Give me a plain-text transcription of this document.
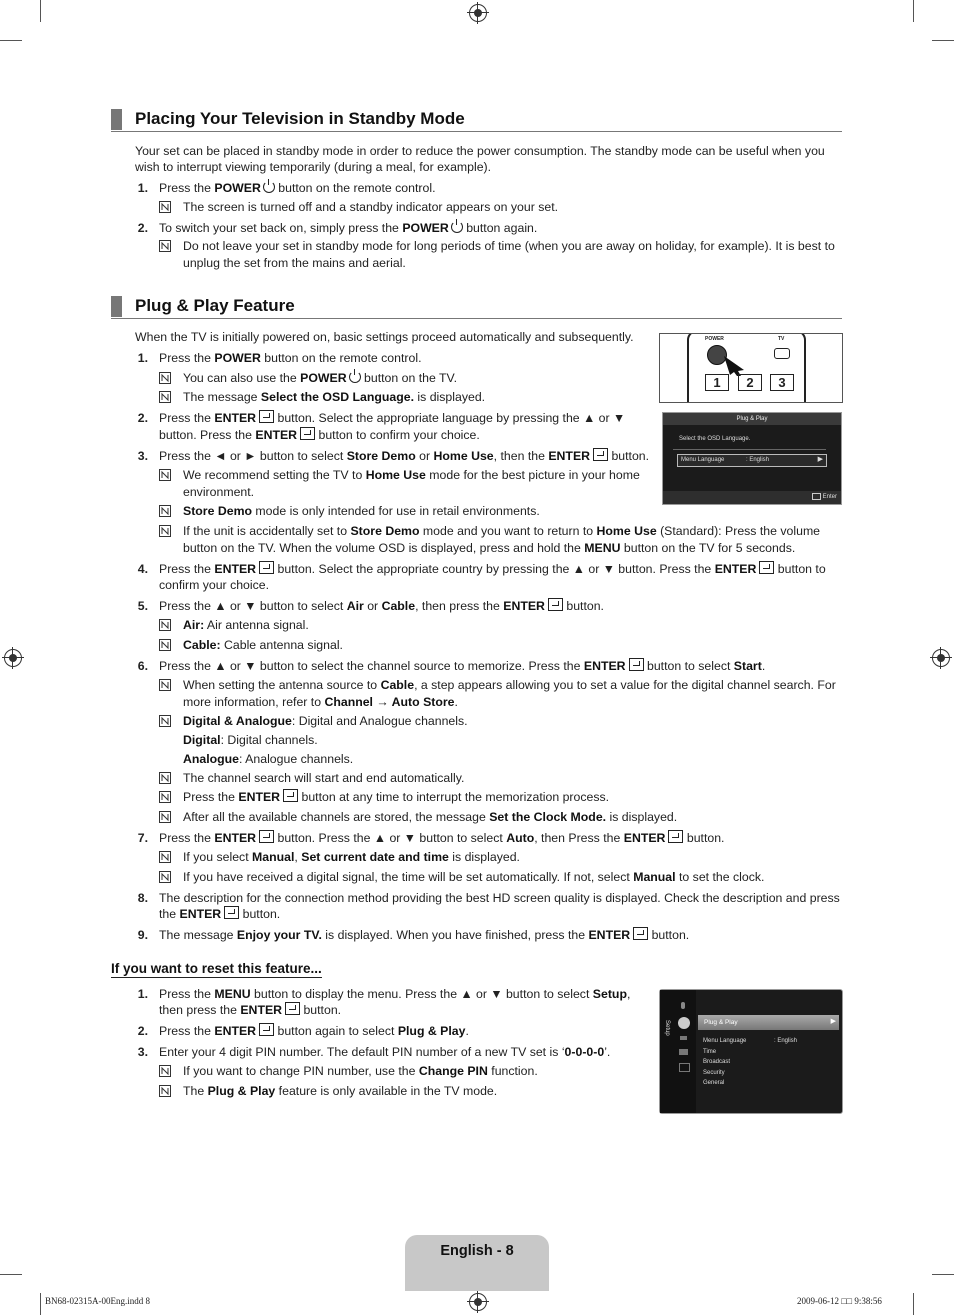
Placing Your Television in Standby Mode
Your set can be placed in standby mode in order to reduce the power consumption. The standby mode can be useful when you
wish to interrupt viewing temporarily (during a meal, for example).
1. Press the POWER button on the remote control.
The screen is turned off and a standby indicator appears on your set.
2. To switch your set back on, simply press the POWER button again.
Do not leave your set in standby mode for long periods of time (when you are away on holiday, for example). It is best to
unplug the set from the mains and aerial.
Plug & Play Feature
When the TV is initially powered on, basic settings proceed automatically and subsequently.	POWER	TV
1	2	3
Plug & Play
Select the OSD Language.
Menu Language	: English	▶
Enter
1. Press the POWER button on the remote control.
You can also use the POWER button on the TV.
The message Select the OSD Language. is displayed.
2. Press the ENTER button. Select the appropriate language by pressing the ▲ or ▼
button. Press the ENTER button to confirm your choice.
3. Press the ◄ or ► button to select Store Demo or Home Use, then the ENTER button.
We recommend setting the TV to Home Use mode for the best picture in your home
environment.
Store Demo mode is only intended for use in retail environments.
If the unit is accidentally set to Store Demo mode and you want to return to Home Use (Standard): Press the volume
button on the TV. When the volume OSD is displayed, press and hold the MENU button on the TV for 5 seconds.
4. Press the ENTER button. Select the appropriate country by pressing the ▲ or ▼ button. Press the ENTER button to
confirm your choice.
5. Press the ▲ or ▼ button to select Air or Cable, then press the ENTER button.
Air: Air antenna signal.
Cable: Cable antenna signal.
6. Press the ▲ or ▼ button to select the channel source to memorize. Press the ENTER button to select Start.
When setting the antenna source to Cable, a step appears allowing you to set a value for the digital channel search. For
more information, refer to Channel → Auto Store.
Digital & Analogue: Digital and Analogue channels.
Digital: Digital channels.
Analogue: Analogue channels.
The channel search will start and end automatically.
Press the ENTER button at any time to interrupt the memorization process.
After all the available channels are stored, the message Set the Clock Mode. is displayed.
7. Press the ENTER button. Press the ▲ or ▼ button to select Auto, then Press the ENTER button.
If you select Manual, Set current date and time is displayed.
If you have received a digital signal, the time will be set automatically. If not, select Manual to set the clock.
8. The description for the connection method providing the best HD screen quality is displayed. Check the description and press
the ENTER button.
9. The message Enjoy your TV. is displayed. When you have finished, press the ENTER button.
If you want to reset this feature...
1. Press the MENU button to display the menu. Press the ▲ or ▼ button to select Setup,
then press the ENTER button.
2. Press the ENTER button again to select Plug & Play.
3. Enter your 4 digit PIN number. The default PIN number of a new TV set is ‘0-0-0-0’.
If you want to change PIN number, use the Change PIN function.
The Plug & Play feature is only available in the TV mode.
Setup	Plug & Play	▶
Menu Language	: English
Time
Broadcast
Security
General
English - 8
BN68-02315A-00Eng.indd 8	2009-06-12 □□ 9:38:56
